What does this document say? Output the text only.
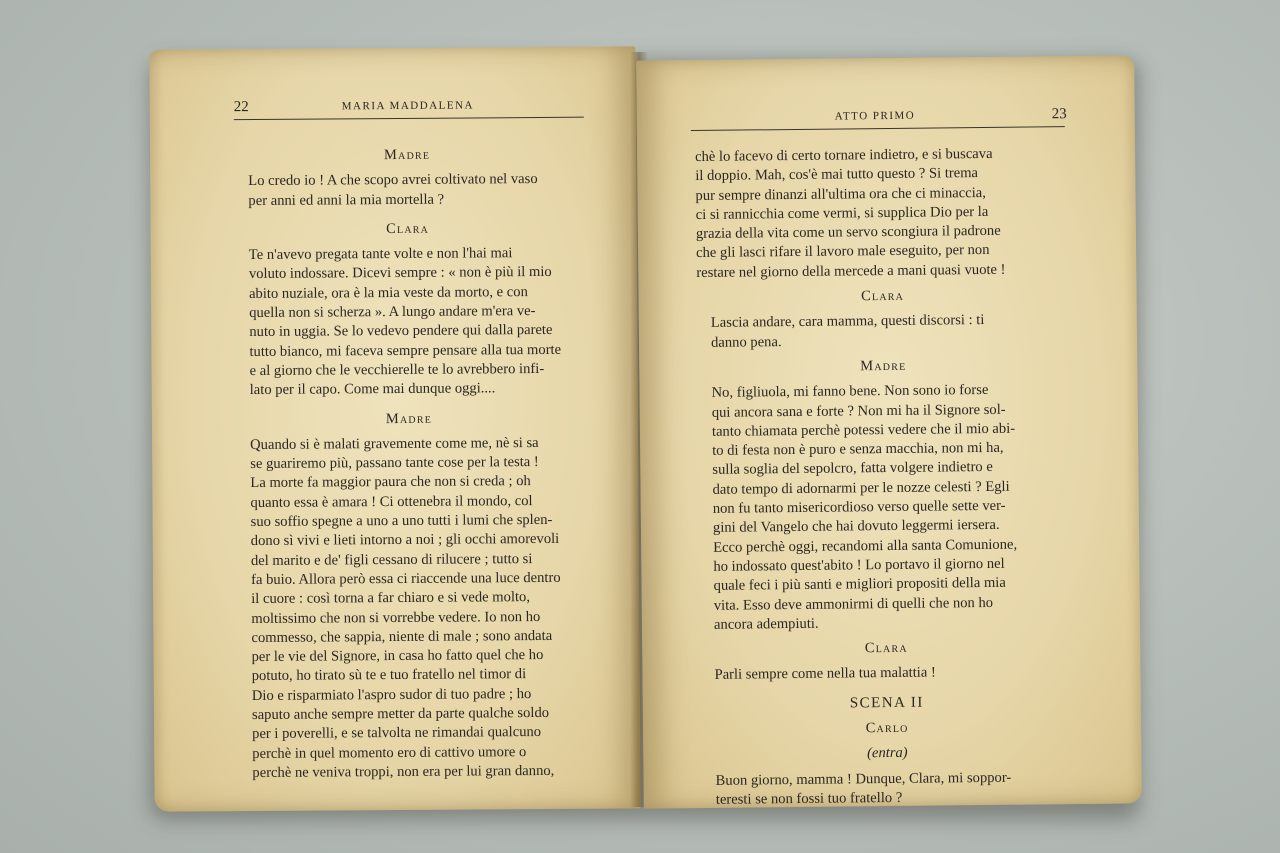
22	MARIA MADDALENA
Madre

Lo credo io ! A che scopo avrei coltivato nel vaso
per anni ed anni la mia mortella ?

Clara

Te n'avevo pregata tante volte e non l'hai mai
voluto indossare. Dicevi sempre : « non è più il mio
abito nuziale, ora è la mia veste da morto, e con
quella non si scherza ». A lungo andare m'era ve-
nuto in uggia. Se lo vedevo pendere qui dalla parete
tutto bianco, mi faceva sempre pensare alla tua morte
e al giorno che le vecchierelle te lo avrebbero infi-
lato per il capo. Come mai dunque oggi....

Madre

Quando si è malati gravemente come me, nè si sa
se guariremo più, passano tante cose per la testa !
La morte fa maggior paura che non si creda ; oh
quanto essa è amara ! Ci ottenebra il mondo, col
suo soffio spegne a uno a uno tutti i lumi che splen-
dono sì vivi e lieti intorno a noi ; gli occhi amorevoli
del marito e de' figli cessano di rilucere ; tutto si
fa buio. Allora però essa ci riaccende una luce dentro
il cuore : così torna a far chiaro e si vede molto,
moltissimo che non si vorrebbe vedere. Io non ho
commesso, che sappia, niente di male ; sono andata
per le vie del Signore, in casa ho fatto quel che ho
potuto, ho tirato sù te e tuo fratello nel timor di
Dio e risparmiato l'aspro sudor di tuo padre ; ho
saputo anche sempre metter da parte qualche soldo
per i poverelli, e se talvolta ne rimandai qualcuno
perchè in quel momento ero di cattivo umore o
perchè ne veniva troppi, non era per lui gran danno,

ATTO PRIMO	23

chè lo facevo di certo tornare indietro, e si buscava
il doppio. Mah, cos'è mai tutto questo ? Si trema
pur sempre dinanzi all'ultima ora che ci minaccia,
ci si rannicchia come vermi, si supplica Dio per la
grazia della vita come un servo scongiura il padrone
che gli lasci rifare il lavoro male eseguito, per non
restare nel giorno della mercede a mani quasi vuote !

Clara

Lascia andare, cara mamma, questi discorsi : ti
danno pena.

Madre

No, figliuola, mi fanno bene. Non sono io forse
qui ancora sana e forte ? Non mi ha il Signore sol-
tanto chiamata perchè potessi vedere che il mio abi-
to di festa non è puro e senza macchia, non mi ha,
sulla soglia del sepolcro, fatta volgere indietro e
dato tempo di adornarmi per le nozze celesti ? Egli
non fu tanto misericordioso verso quelle sette ver-
gini del Vangelo che hai dovuto leggermi iersera.
Ecco perchè oggi, recandomi alla santa Comunione,
ho indossato quest'abito ! Lo portavo il giorno nel
quale feci i più santi e migliori propositi della mia
vita. Esso deve ammonirmi di quelli che non ho
ancora adempiuti.

Clara

Parli sempre come nella tua malattia !

SCENA II
Carlo
(entra)

Buon giorno, mamma ! Dunque, Clara, mi soppor-
teresti se non fossi tuo fratello ?
